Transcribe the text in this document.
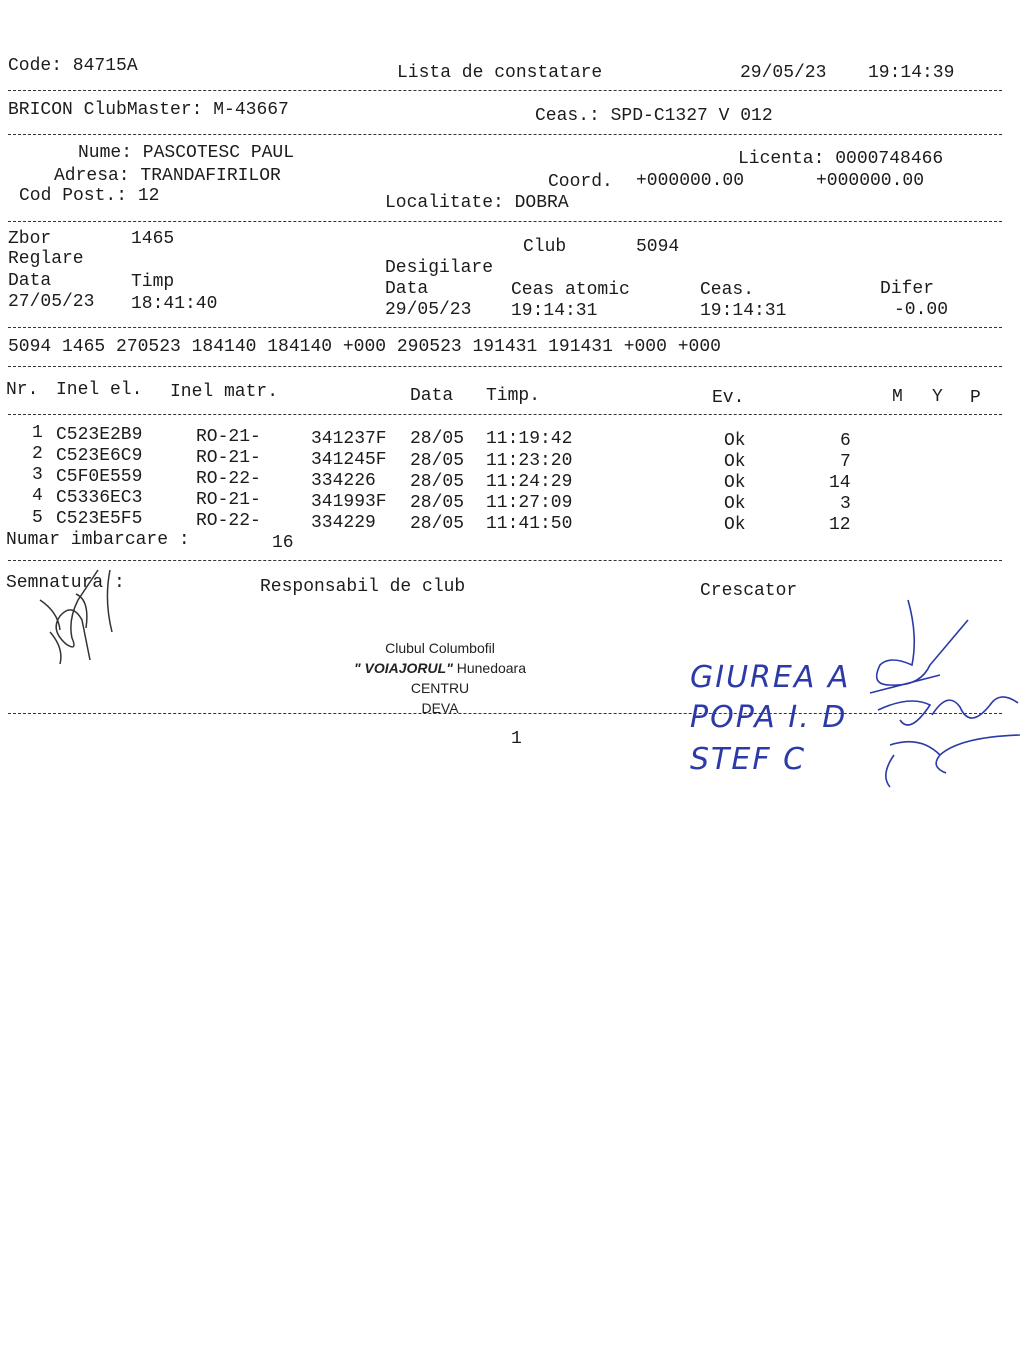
Code: 84715A	Lista de constatare	29/05/23 19:14:39
BRICON ClubMaster: M-43667	Ceas.: SPD-C1327 V 012
Nume: PASCOTESC PAUL
Adresa: TRANDAFIRILOR
Cod Post.: 12
Licenta: 0000748466
Coord. +000000.00	+000000.00
Localitate: DOBRA
Zbor	1465	Club	5094
Reglare	Desigilare
Data	Timp	Data	Ceas atomic	Ceas.	Difer
27/05/23 18:41:40	29/05/23 19:14:31	19:14:31	-0.00
5094 1465 270523 184140 184140 +000 290523 191431 191431 +000 +000
Nr. Inel el. Inel matr.	Data Timp.	Ev.	M Y P
1 C523E2B9	RO-21-	341237F 28/05 11:19:42	Ok	6
2 C523E6C9	RO-21-	341245F 28/05 11:23:20	Ok	7
3 C5F0E559	RO-22-	334226 28/05 11:24:29	Ok	14
4 C5336EC3	RO-21-	341993F 28/05 11:27:09	Ok	3
5 C523E5F5	RO-22-	334229 28/05 11:41:50	Ok	12
Numar imbarcare :	16
Semnatura :	Responsabil de club	Crescator
Clubul Columbofil
" VOIAJORUL" Hunedoara
CENTRU
DEVA
GIUREA A
POPA I. D
STEF C
1
